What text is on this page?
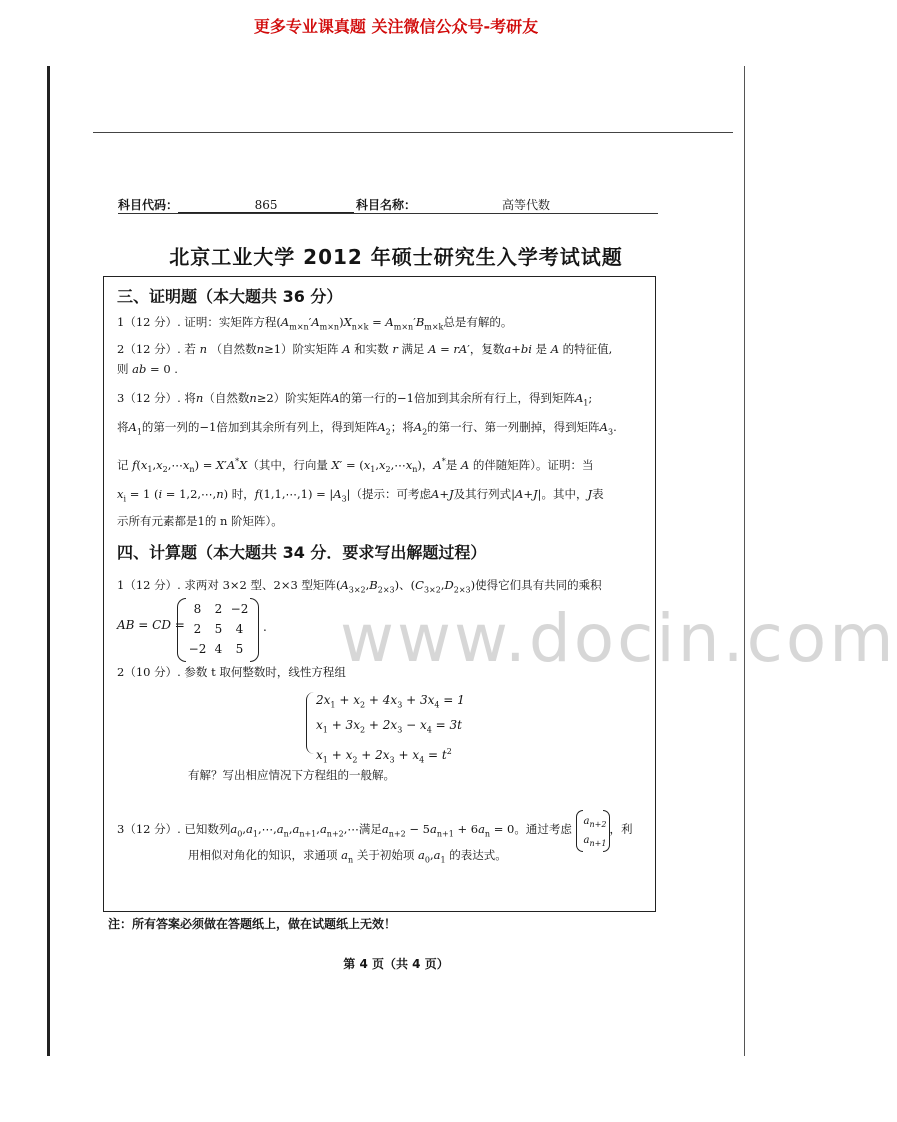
更多专业课真题 关注微信公众号-考研友
科目代码：	865	科目名称：	高等代数
北京工业大学 2012 年硕士研究生入学考试试题
www.docin.com
三、证明题（本大题共 36 分）
1（12 分）. 证明：实矩阵方程$(A_{m\times n}'A_{m\times n})X_{n\times k} = A_{m\times n}'B_{m\times k}$总是有解的。
2（12 分）. 若 n （自然数n≥1）阶实矩阵 A 和实数 r 满足 A = rA′，复数a+bi 是 A 的特征值,
则 ab = 0 .
3（12 分）. 将n（自然数n≥2）阶实矩阵A的第一行的−1倍加到其余所有行上，得到矩阵$A_1$;
将$A_1$的第一列的−1倍加到其余所有列上，得到矩阵$A_2$；将$A_2$的第一行、第一列删掉，得到矩阵$A_3$.
记 $f(x_1,x_2,\cdots x_n) = X'A^*X$（其中，行向量 $X' = (x_1,x_2,\cdots x_n)$，A*是 A 的伴随矩阵）。证明：当
$x_i = 1$ (i = 1,2,⋯,n) 时，f(1,1,⋯,1) = $|A_3|$（提示：可考虑A+J及其行列式|A+J|。其中，J表
示所有元素都是1的 n 阶矩阵）。
四、计算题（本大题共 34 分．要求写出解题过程）
1（12 分）. 求两对 3×2 型、2×3 型矩阵$(A_{3\times 2},B_{2\times 3})$、$(C_{3\times 2},D_{2\times 3})$使得它们具有共同的乘积
AB = CD =
8	2	−2
2	5	4
−2	4	5
.
2（10 分）. 参数 t 取何整数时，线性方程组
$2x_1 + x_2 + 4x_3 + 3x_4 = 1$
$x_1 + 3x_2 + 2x_3 - x_4 = 3t$
$x_1 + x_2 + 2x_3 + x_4 = t^2$
有解？写出相应情况下方程组的一般解。
3（12 分）. 已知数列$a_0,a_1,\cdots,a_n,a_{n+1},a_{n+2},\cdots$满足$a_{n+2} - 5a_{n+1} + 6a_n = 0$。通过考虑
$a_{n+2}$
$a_{n+1}$
，利
用相似对角化的知识，求通项 $a_n$ 关于初始项 $a_0,a_1$ 的表达式。
注：所有答案必须做在答题纸上，做在试题纸上无效！
第 4 页（共 4 页）
